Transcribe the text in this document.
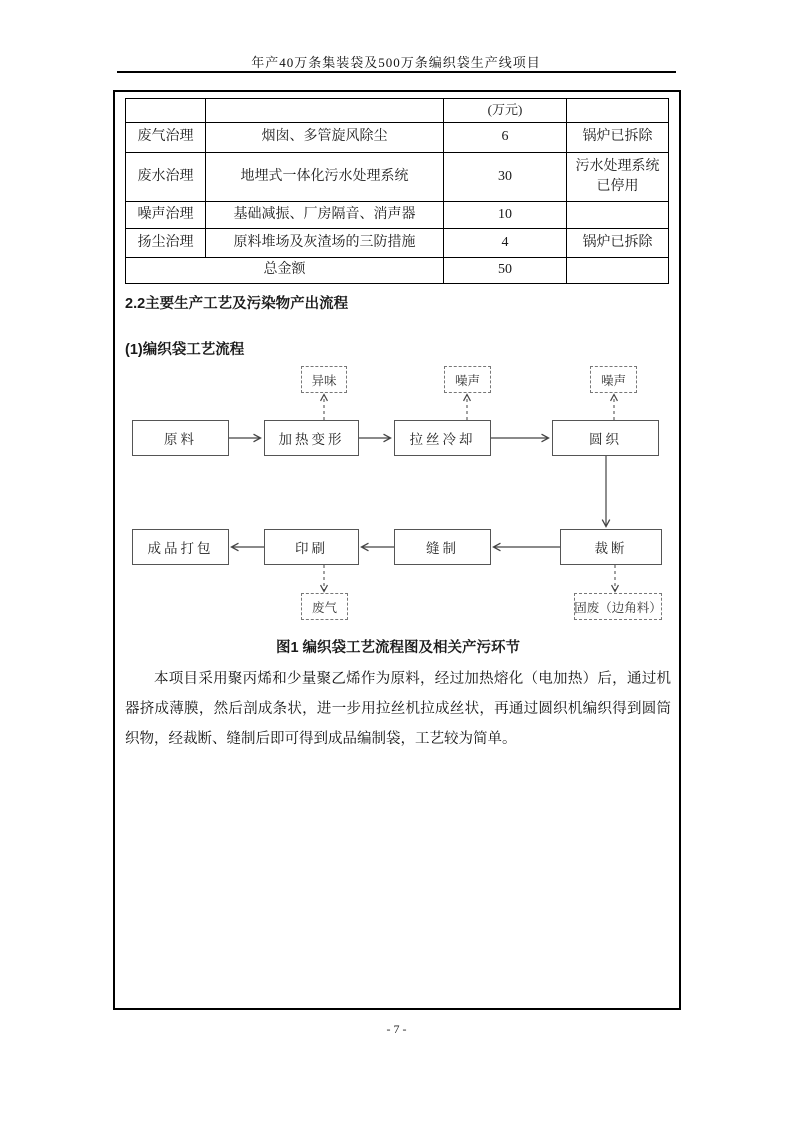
年产40万条集装袋及500万条编织袋生产线项目
		(万元)	
废气治理	烟囱、多管旋风除尘	6	锅炉已拆除
废水治理	地埋式一体化污水处理系统	30	污水处理系统已停用
噪声治理	基础减振、厂房隔音、消声器	10	
扬尘治理	原料堆场及灰渣场的三防措施	4	锅炉已拆除
总金额		50	
2.2主要生产工艺及污染物产出流程
(1)编织袋工艺流程
异味	噪声	噪声
原料	加热变形	拉丝冷却	圆织
成品打包	印刷	缝制	裁断
废气	固废（边角料）
图1 编织袋工艺流程图及相关产污环节
本项目采用聚丙烯和少量聚乙烯作为原料，经过加热熔化（电加热）后，通过机器挤成薄膜，然后剖成条状，进一步用拉丝机拉成丝状，再通过圆织机编织得到圆筒织物，经裁断、缝制后即可得到成品编制袋，工艺较为简单。
- 7 -
